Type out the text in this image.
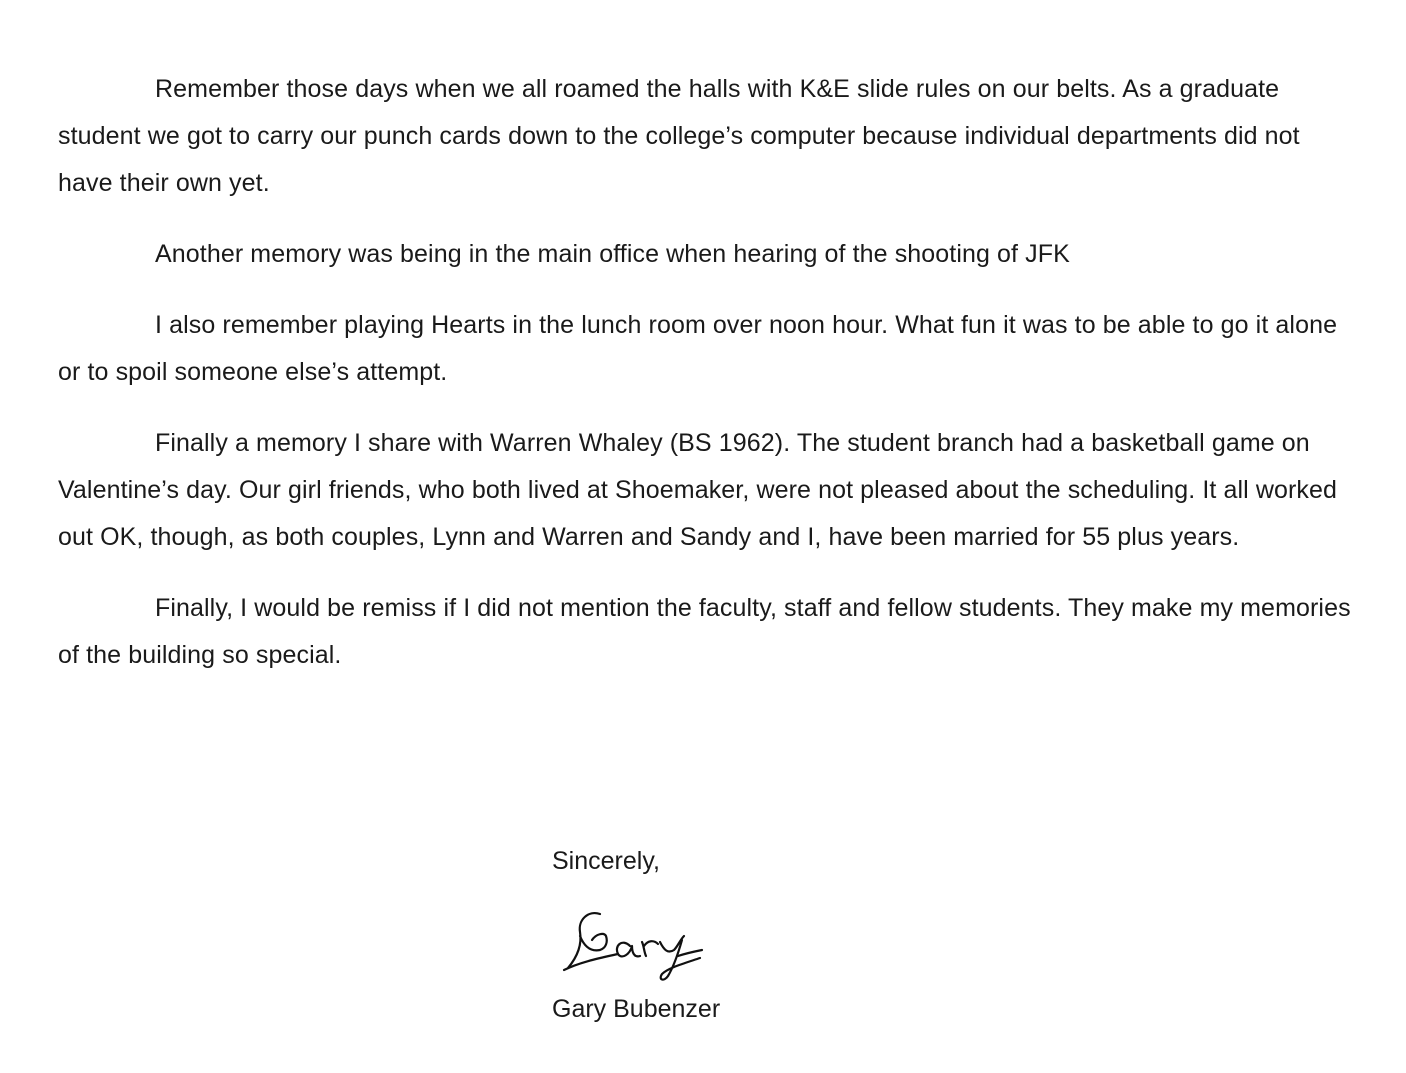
Remember those days when we all roamed the halls with K&E slide rules on our belts. As a graduate student we got to carry our punch cards down to the college’s computer because individual departments did not have their own yet.

Another memory was being in the main office when hearing of the shooting of JFK

I also remember playing Hearts in the lunch room over noon hour. What fun it was to be able to go it alone or to spoil someone else’s attempt.

Finally a memory I share with Warren Whaley (BS 1962). The student branch had a basketball game on Valentine’s day. Our girl friends, who both lived at Shoemaker, were not pleased about the scheduling. It all worked out OK, though, as both couples, Lynn and Warren and Sandy and I, have been married for 55 plus years.

Finally, I would be remiss if I did not mention the faculty, staff and fellow students. They make my memories of the building so special.

Sincerely,
Gary Bubenzer
